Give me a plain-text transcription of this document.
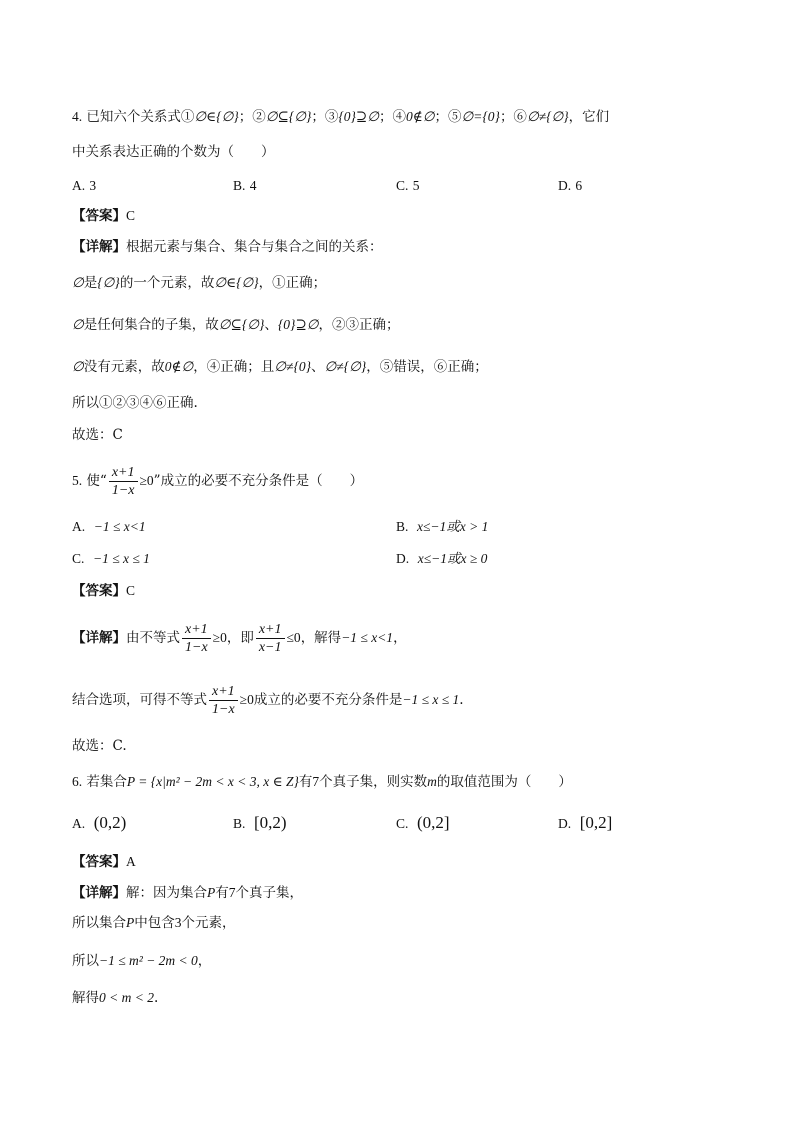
4. 已知六个关系式①∅∈{∅}；②∅⊆{∅}；③{0}⊇∅；④0∉∅；⑤∅={0}；⑥∅≠{∅}，它们
中关系表达正确的个数为（　　）
A. 3	B. 4	C. 5	D. 6
【答案】C
【详解】根据元素与集合、集合与集合之间的关系：
∅是{∅}的一个元素，故∅∈{∅}，①正确；
∅是任何集合的子集，故∅⊆{∅}、{0}⊇∅，②③正确；
∅没有元素，故0∉∅，④正确；且∅≠{0}、∅≠{∅}，⑤错误，⑥正确；
所以①②③④⑥正确.
故选：C
5. 使“ $\frac{x+1}{1-x} \ge 0$”成立的必要不充分条件是（　　）
A. −1 ≤ x<1	B. x≤−1或x > 1
C. −1 ≤ x ≤ 1	D. x≤−1或x ≥ 0
【答案】C
【详解】由不等式 $\frac{x+1}{1-x} \ge 0$，即 $\frac{x+1}{x-1} \le 0$，解得−1 ≤ x<1，
结合选项，可得不等式 $\frac{x+1}{1-x} \ge 0$成立的必要不充分条件是−1 ≤ x ≤ 1.
故选：C.
6. 若集合P = {x|m² − 2m < x < 3, x ∈ Z}有7个真子集，则实数m的取值范围为（　　）
A. (0,2)	B. [0,2)	C. (0,2]	D. [0,2]
【答案】A
【详解】解：因为集合P有7个真子集，
所以集合P中包含3个元素，
所以−1 ≤ m² − 2m < 0，
解得0 < m < 2.
